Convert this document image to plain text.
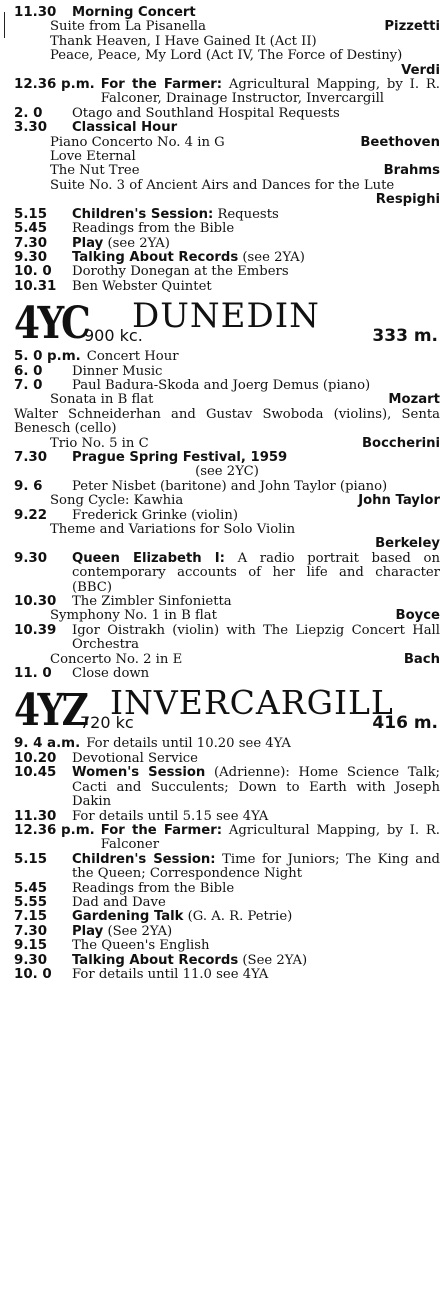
11.30	Morning Concert
Suite from La Pisanella	Pizzetti
Thank Heaven, I Have Gained It (Act II)
Peace, Peace, My Lord (Act IV, The Force of Destiny)
Verdi
12.36 p.m. For the Farmer: Agricultural Mapping, by I. R. Falconer, Drainage Instructor, Invercargill
2. 0	Otago and Southland Hospital Requests
3.30	Classical Hour
Piano Concerto No. 4 in G	Beethoven
Love Eternal
The Nut Tree	Brahms
Suite No. 3 of Ancient Airs and Dances for the Lute
Respighi
5.15	Children's Session: Requests
5.45	Readings from the Bible
7.30	Play (see 2YA)
9.30	Talking About Records (see 2YA)
10. 0	Dorothy Donegan at the Embers
10.31	Ben Webster Quintet
4YC
900 kc.
DUNEDIN	333 m.
5. 0 p.m. Concert Hour
6. 0	Dinner Music
7. 0	Paul Badura-Skoda and Joerg Demus (piano)
Sonata in B flat	Mozart
Walter Schneiderhan and Gustav Swoboda (violins), Senta Benesch (cello)
Trio No. 5 in C	Boccherini
7.30	Prague Spring Festival, 1959
(see 2YC)
9. 6	Peter Nisbet (baritone) and John Taylor (piano)
Song Cycle: Kawhia	John Taylor
9.22	Frederick Grinke (violin)
Theme and Variations for Solo Violin
Berkeley
9.30	Queen Elizabeth I: A radio portrait based on contemporary accounts of her life and character (BBC)
10.30	The Zimbler Sinfonietta
Symphony No. 1 in B flat	Boyce
10.39	Igor Oistrakh (violin) with The Liepzig Concert Hall Orchestra
Concerto No. 2 in E	Bach
11. 0	Close down
4YZ
720 kc
INVERCARGILL
416 m.
9. 4 a.m. For details until 10.20 see 4YA
10.20	Devotional Service
10.45	Women's Session (Adrienne): Home Science Talk; Cacti and Succulents; Down to Earth with Joseph Dakin
11.30	For details until 5.15 see 4YA
12.36 p.m. For the Farmer: Agricultural Mapping, by I. R. Falconer
5.15	Children's Session: Time for Juniors; The King and the Queen; Correspondence Night
5.45	Readings from the Bible
5.55	Dad and Dave
7.15	Gardening Talk (G. A. R. Petrie)
7.30	Play (See 2YA)
9.15	The Queen's English
9.30	Talking About Records (See 2YA)
10. 0	For details until 11.0 see 4YA
